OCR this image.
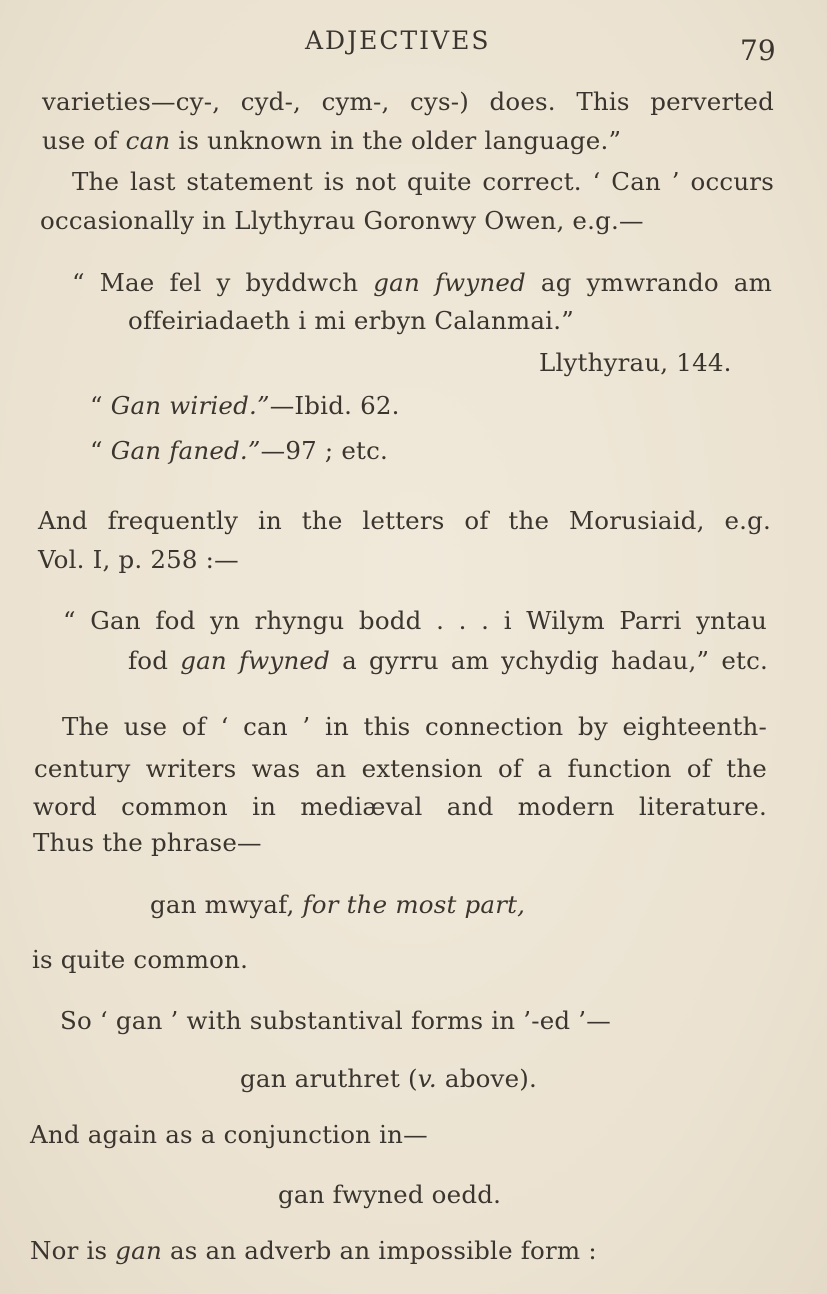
ADJECTIVES	79
varieties—cy-, cyd-, cym-, cys-) does. This perverted
use of can is unknown in the older language.”
The last statement is not quite correct. ‘ Can ’ occurs
occasionally in Llythyrau Goronwy Owen, e.g.—
“ Mae fel y byddwch gan fwyned ag ymwrando am
offeiriadaeth i mi erbyn Calanmai.”
Llythyrau, 144.
“ Gan wiried.”—Ibid. 62.
“ Gan faned.”—97 ; etc.
And frequently in the letters of the Morusiaid, e.g.
Vol. I, p. 258 :—
“ Gan fod yn rhyngu bodd . . . i Wilym Parri yntau
fod gan fwyned a gyrru am ychydig hadau,” etc.
The use of ‘ can ’ in this connection by eighteenth-
century writers was an extension of a function of the
word common in mediæval and modern literature.
Thus the phrase—
gan mwyaf, for the most part,
is quite common.
So ‘ gan ’ with substantival forms in ’-ed ’—
gan aruthret (v. above).
And again as a conjunction in—
gan fwyned oedd.
Nor is gan as an adverb an impossible form :
